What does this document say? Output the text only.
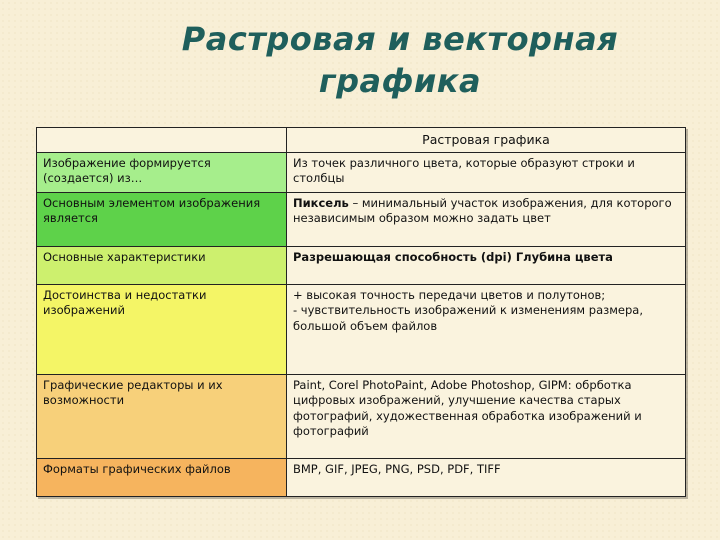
Растровая и векторная графика
	Растровая графика
Изображение формируется (создается) из…	Из точек различного цвета, которые образуют строки и столбцы
Основным элементом изображения является	Пиксель – минимальный участок изображения, для которого независимым образом можно задать цвет
Основные характеристики	Разрешающая способность (dpi) Глубина цвета
Достоинства и недостатки изображений	+ высокая точность передачи цветов и полутонов;
- чувствительность изображений к изменениям размера, большой объем файлов

Графические редакторы и их возможности	Paint, Corel PhotoPaint, Adobe Photoshop, GIPM: обрботка цифровых изображений, улучшение качества старых фотографий, художественная обработка изображений и фотографий
Форматы графических файлов	BMP, GIF, JPEG, PNG, PSD, PDF, TIFF
